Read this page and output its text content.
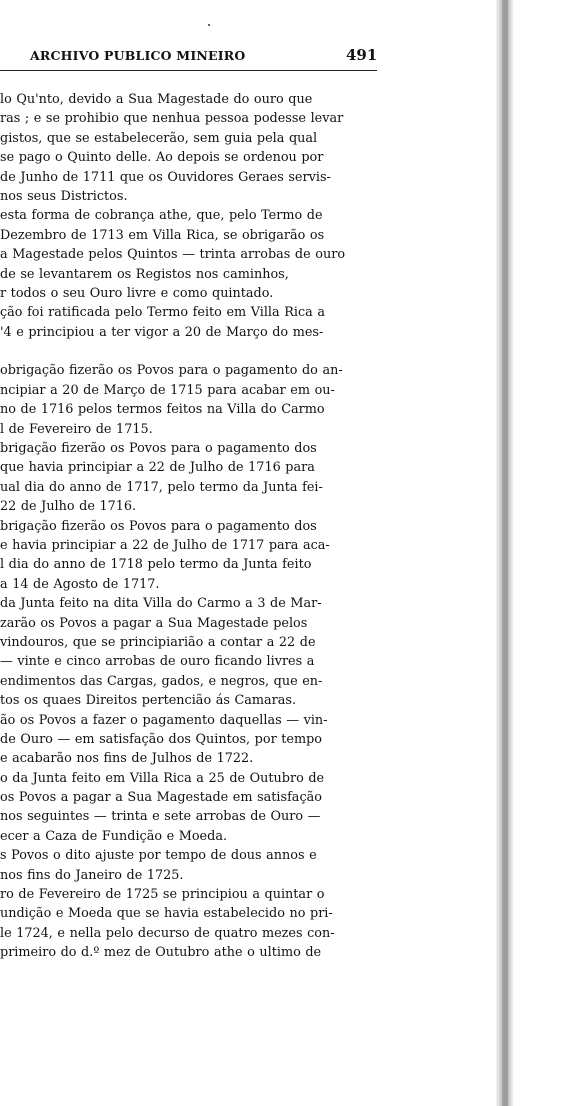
ARCHIVO PUBLICO MINEIRO	491
lo Qu'nto, devido a Sua Magestade do ouro que
ras ; e se prohibio que nenhua pessoa podesse levar
gistos, que se estabelecerão, sem guia pela qual
se pago o Quinto delle. Ao depois se ordenou por
de Junho de 1711 que os Ouvidores Geraes servis-
nos seus Districtos.
esta forma de cobrança athe, que, pelo Termo de
Dezembro de 1713 em Villa Rica, se obrigarão os
a Magestade pelos Quintos — trinta arrobas de ouro
de se levantarem os Registos nos caminhos,
r todos o seu Ouro livre e como quintado.
ção foi ratificada pelo Termo feito em Villa Rica a
'4 e principiou a ter vigor a 20 de Março do mes-
obrigação fizerão os Povos para o pagamento do an-
ncipiar a 20 de Março de 1715 para acabar em ou-
no de 1716 pelos termos feitos na Villa do Carmo
l de Fevereiro de 1715.
brigação fizerão os Povos para o pagamento dos
que havia principiar a 22 de Julho de 1716 para
ual dia do anno de 1717, pelo termo da Junta fei-
22 de Julho de 1716.
brigação fizerão os Povos para o pagamento dos
e havia principiar a 22 de Julho de 1717 para aca-
l dia do anno de 1718 pelo termo da Junta feito
a 14 de Agosto de 1717.
da Junta feito na dita Villa do Carmo a 3 de Mar-
zarão os Povos a pagar a Sua Magestade pelos
vindouros, que se principiarião a contar a 22 de
— vinte e cinco arrobas de ouro ficando livres a
endimentos das Cargas, gados, e negros, que en-
tos os quaes Direitos pertencião ás Camaras.
ão os Povos a fazer o pagamento daquellas — vin-
de Ouro — em satisfação dos Quintos, por tempo
e acabarão nos fins de Julhos de 1722.
o da Junta feito em Villa Rica a 25 de Outubro de
os Povos a pagar a Sua Magestade em satisfação
nos seguintes — trinta e sete arrobas de Ouro —
ecer a Caza de Fundição e Moeda.
s Povos o dito ajuste por tempo de dous annos e
nos fins do Janeiro de 1725.
ro de Fevereiro de 1725 se principiou a quintar o
undição e Moeda que se havia estabelecido no pri-
le 1724, e nella pelo decurso de quatro mezes con-
primeiro do d.º mez de Outubro athe o ultimo de
